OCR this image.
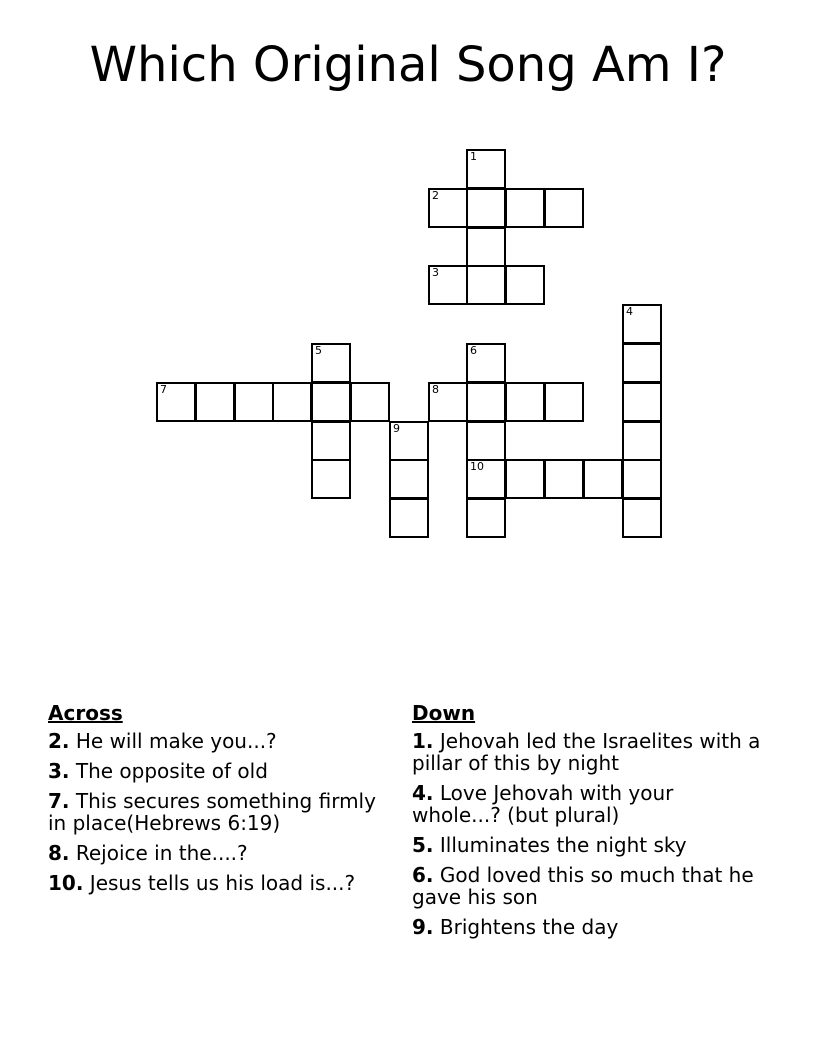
Which Original Song Am I?
1
2
3
4
5	6
7	8
9
10
Across
2. He will make you...?
3. The opposite of old
7. This secures something firmly in place(Hebrews 6:19)
8. Rejoice in the....?
10. Jesus tells us his load is...?
Down
1. Jehovah led the Israelites with a pillar of this by night
4. Love Jehovah with your whole...? (but plural)
5. Illuminates the night sky
6. God loved this so much that he gave his son
9. Brightens the day
